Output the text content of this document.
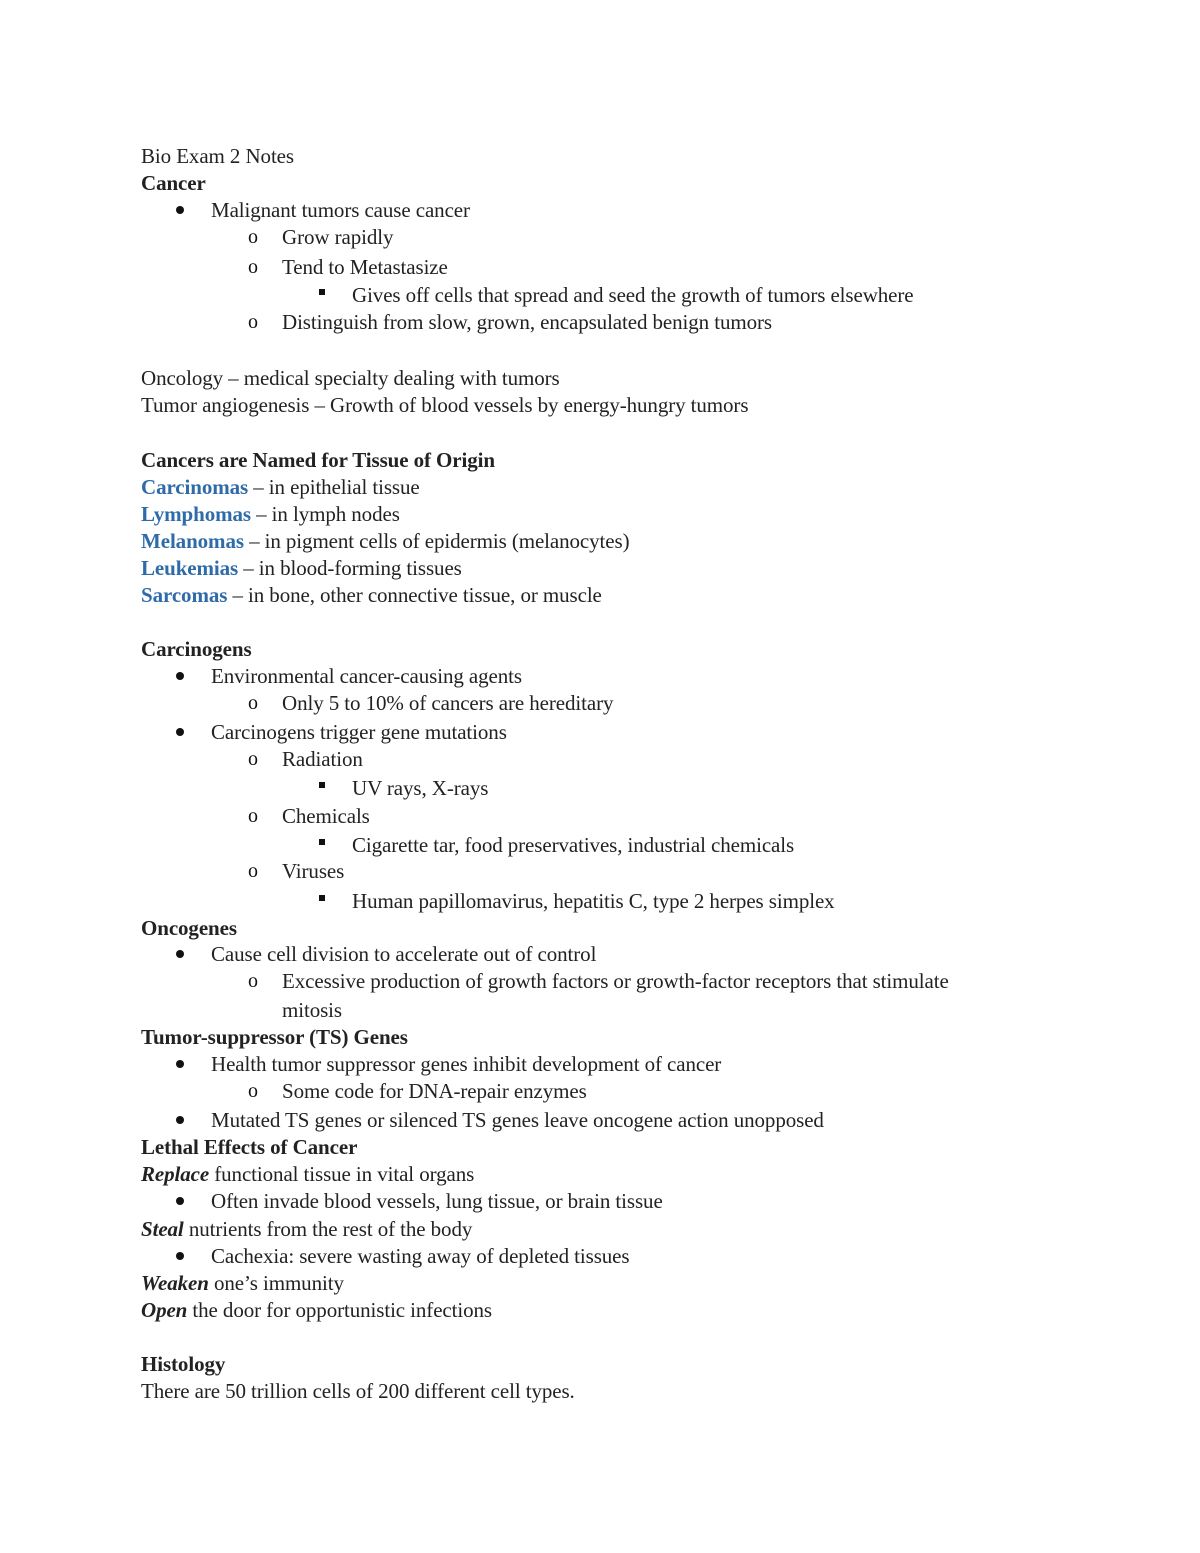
Bio Exam 2 Notes
Cancer
Malignant tumors cause cancer
o Grow rapidly
o Tend to Metastasize
Gives off cells that spread and seed the growth of tumors elsewhere
o Distinguish from slow, grown, encapsulated benign tumors
Oncology – medical specialty dealing with tumors
Tumor angiogenesis – Growth of blood vessels by energy-hungry tumors
Cancers are Named for Tissue of Origin
Carcinomas – in epithelial tissue
Lymphomas – in lymph nodes
Melanomas – in pigment cells of epidermis (melanocytes)
Leukemias – in blood-forming tissues
Sarcomas – in bone, other connective tissue, or muscle
Carcinogens
Environmental cancer-causing agents
o Only 5 to 10% of cancers are hereditary
Carcinogens trigger gene mutations
o Radiation
UV rays, X-rays
o Chemicals
Cigarette tar, food preservatives, industrial chemicals
o Viruses
Human papillomavirus, hepatitis C, type 2 herpes simplex
Oncogenes
Cause cell division to accelerate out of control
o Excessive production of growth factors or growth-factor receptors that stimulate
mitosis
Tumor-suppressor (TS) Genes
Health tumor suppressor genes inhibit development of cancer
o Some code for DNA-repair enzymes
Mutated TS genes or silenced TS genes leave oncogene action unopposed
Lethal Effects of Cancer
Replace functional tissue in vital organs
Often invade blood vessels, lung tissue, or brain tissue
Steal nutrients from the rest of the body
Cachexia: severe wasting away of depleted tissues
Weaken one’s immunity
Open the door for opportunistic infections
Histology
There are 50 trillion cells of 200 different cell types.
